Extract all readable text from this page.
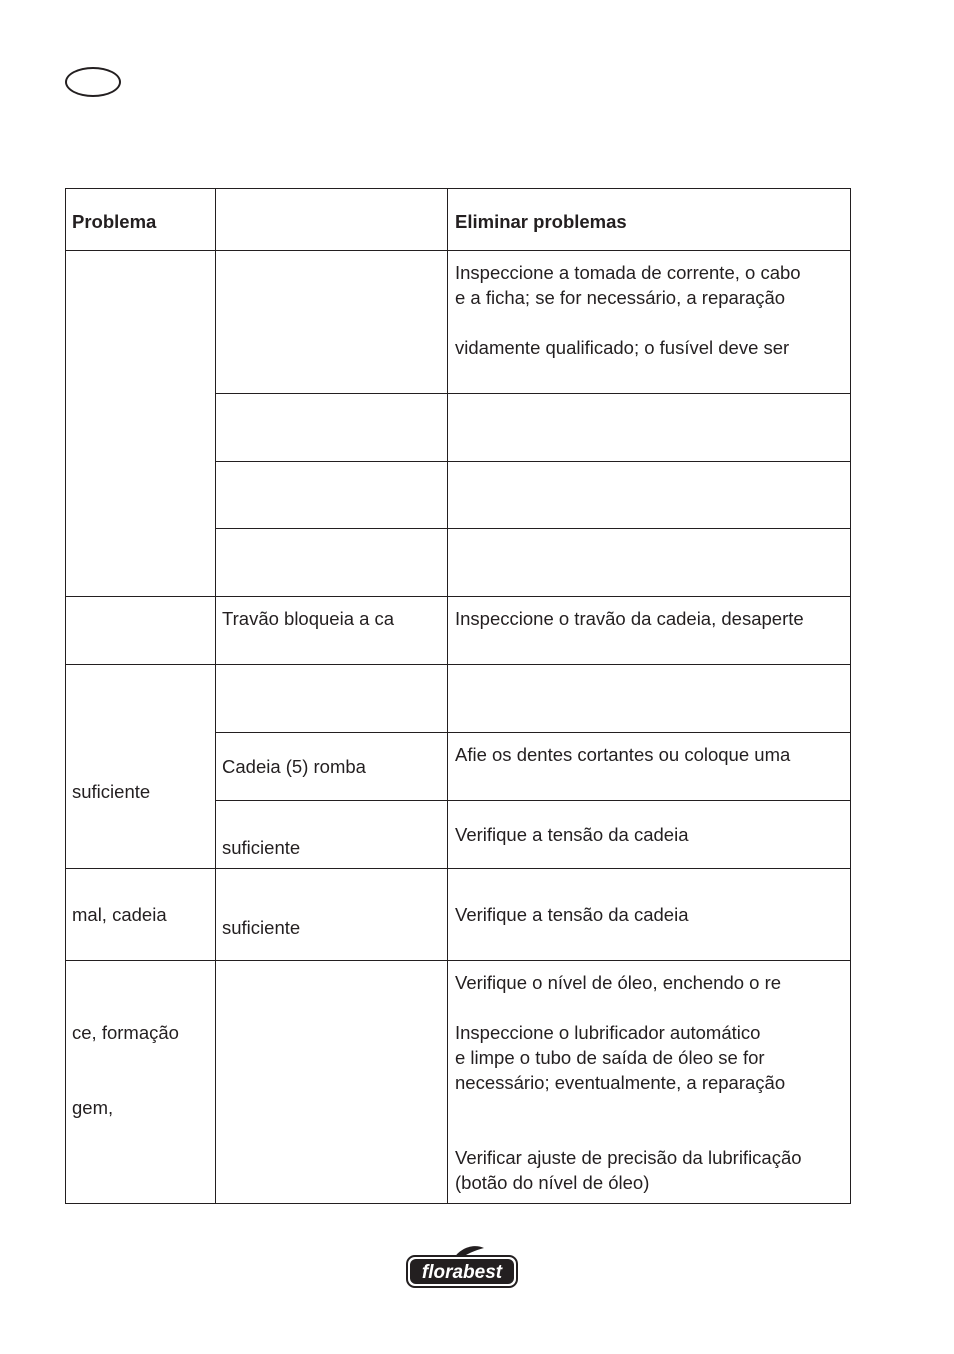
Problema	Eliminar problemas
Inspeccione a tomada de corrente, o cabo
e a ficha; se for necessário, a reparação
vidamente qualificado; o fusível deve ser
Travão bloqueia a ca	Inspeccione o travão da cadeia, desaperte
suficiente
Cadeia (5) romba
Afie os dentes cortantes ou coloque uma
suficiente
Verifique a tensão da cadeia
mal, cadeia
suficiente
Verifique a tensão da cadeia
ce, formação
gem,
Verifique o nível de óleo, enchendo o re
Inspeccione o lubrificador automático
e limpe o tubo de saída de óleo se for
necessário; eventualmente, a reparação
Verificar ajuste de precisão da lubrificação
(botão do nível de óleo)
florabest
